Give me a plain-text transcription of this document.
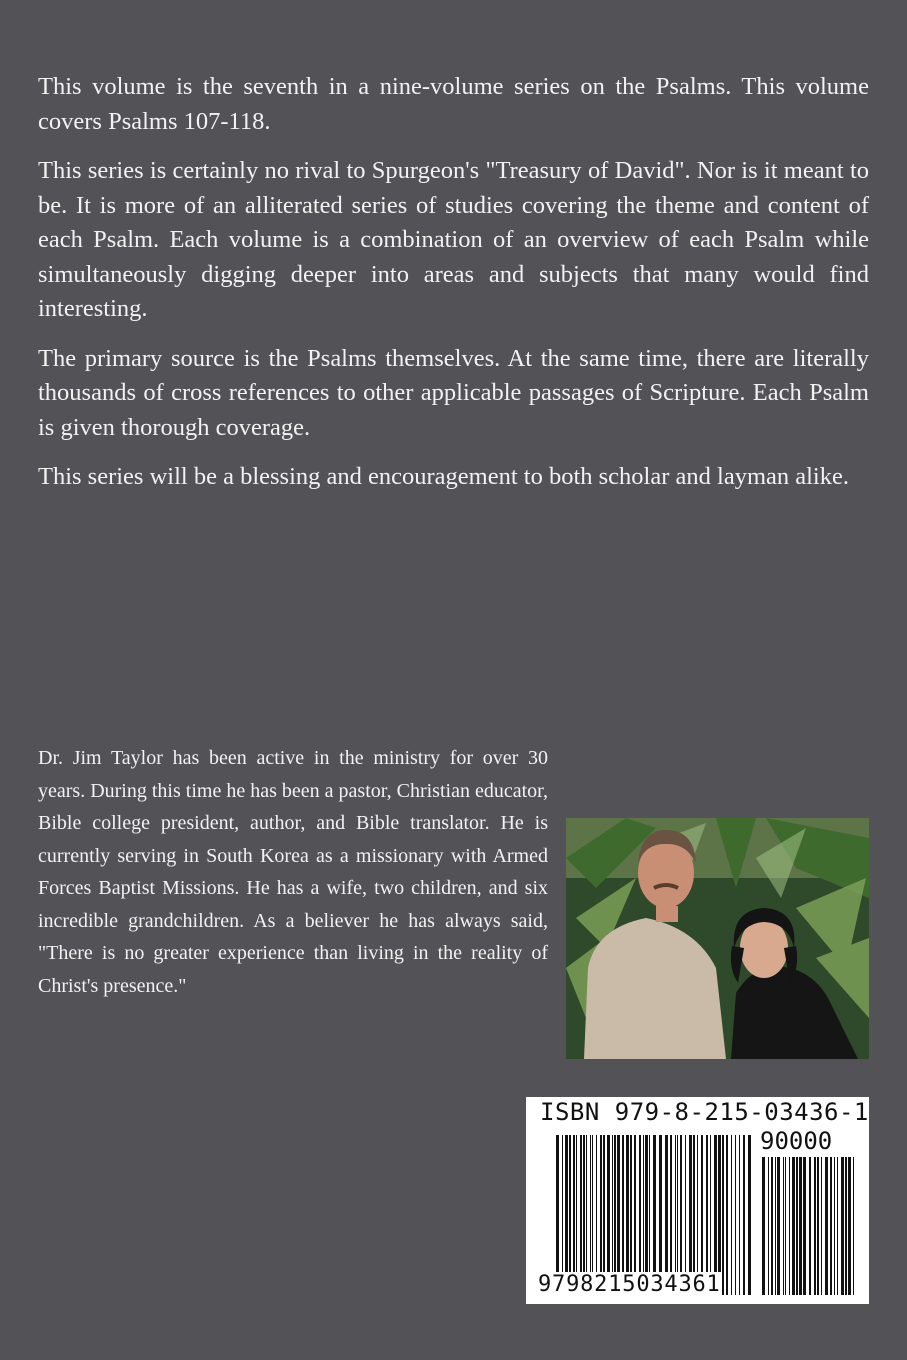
This volume is the seventh in a nine-volume series on the Psalms. This volume covers Psalms 107-118.

This series is certainly no rival to Spurgeon's "Treasury of David". Nor is it meant to be. It is more of an alliterated series of studies covering the theme and content of each Psalm. Each volume is a combination of an overview of each Psalm while simultaneously digging deeper into areas and subjects that many would find interesting.

The primary source is the Psalms themselves. At the same time, there are literally thousands of cross references to other applicable passages of Scripture. Each Psalm is given thorough coverage.

This series will be a blessing and encouragement to both scholar and layman alike.

Dr. Jim Taylor has been active in the ministry for over 30 years. During this time he has been a pastor, Christian educator, Bible college president, author, and Bible translator. He is currently serving in South Korea as a missionary with Armed Forces Baptist Missions. He has a wife, two children, and six incredible grandchildren. As a believer he has always said, "There is no greater experience than living in the reality of Christ's presence."

ISBN 979-8-215-03436-1
90000
9798215034361
